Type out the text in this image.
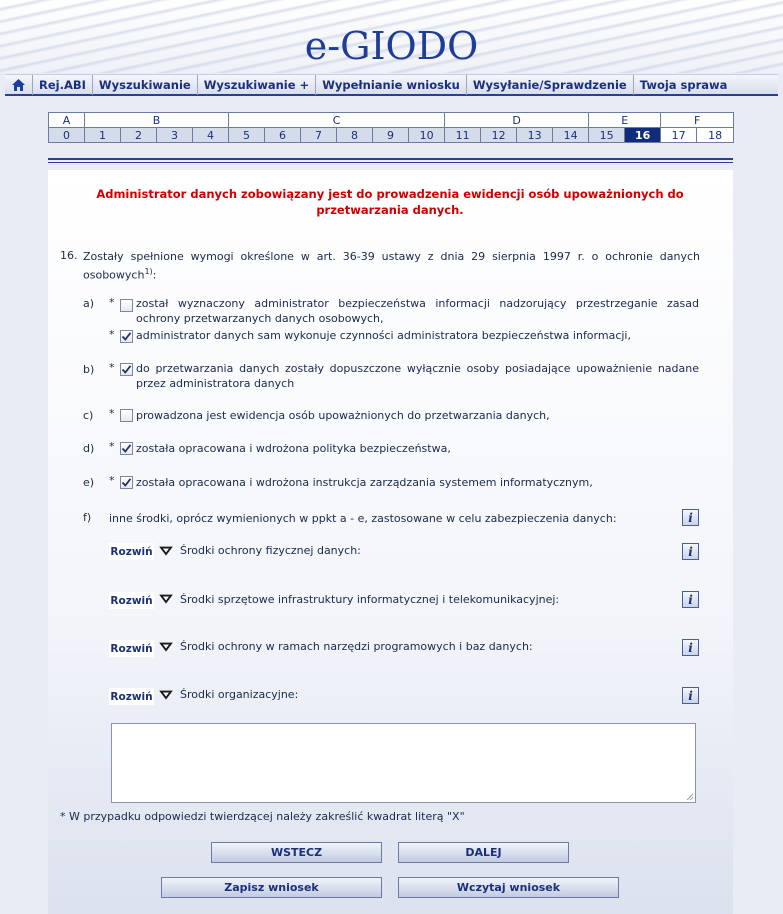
e-GIODO
Rej.ABI	Wyszukiwanie	Wyszukiwanie +	Wypełnianie wniosku	Wysyłanie/Sprawdzenie	Twoja sprawa
A	B				C						D				E		F	
0	1	2	3	4	5	6	7	8	9	10	11	12	13	14	15	16	17	18
Administrator danych zobowiązany jest do prowadzenia ewidencji osób upoważnionych do przetwarzania danych.
16. Zostały spełnione wymogi określone w art. 36-39 ustawy z dnia 29 sierpnia 1997 r. o ochronie danych osobowych$^{1)}$:
a) * został wyznaczony administrator bezpieczeństwa informacji nadzorujący przestrzeganie zasad ochrony przetwarzanych danych osobowych,
* administrator danych sam wykonuje czynności administratora bezpieczeństwa informacji,
b) * do przetwarzania danych zostały dopuszczone wyłącznie osoby posiadające upoważnienie nadane przez administratora danych
c)	* prowadzona jest ewidencja osób upoważnionych do przetwarzania danych,
d) * została opracowana i wdrożona polityka bezpieczeństwa,
e) * została opracowana i wdrożona instrukcja zarządzania systemem informatycznym,
f)	inne środki, oprócz wymienionych w ppkt a - e, zastosowane w celu zabezpieczenia danych:	i
Rozwiń Środki ochrony fizycznej danych:	i
Rozwiń Środki sprzętowe infrastruktury informatycznej i telekomunikacyjnej:	i
Rozwiń Środki ochrony w ramach narzędzi programowych i baz danych:	i
Rozwiń Środki organizacyjne:	i
* W przypadku odpowiedzi twierdzącej należy zakreślić kwadrat literą "X"
WSTECZ	DALEJ
Zapisz wniosek	Wczytaj wniosek
